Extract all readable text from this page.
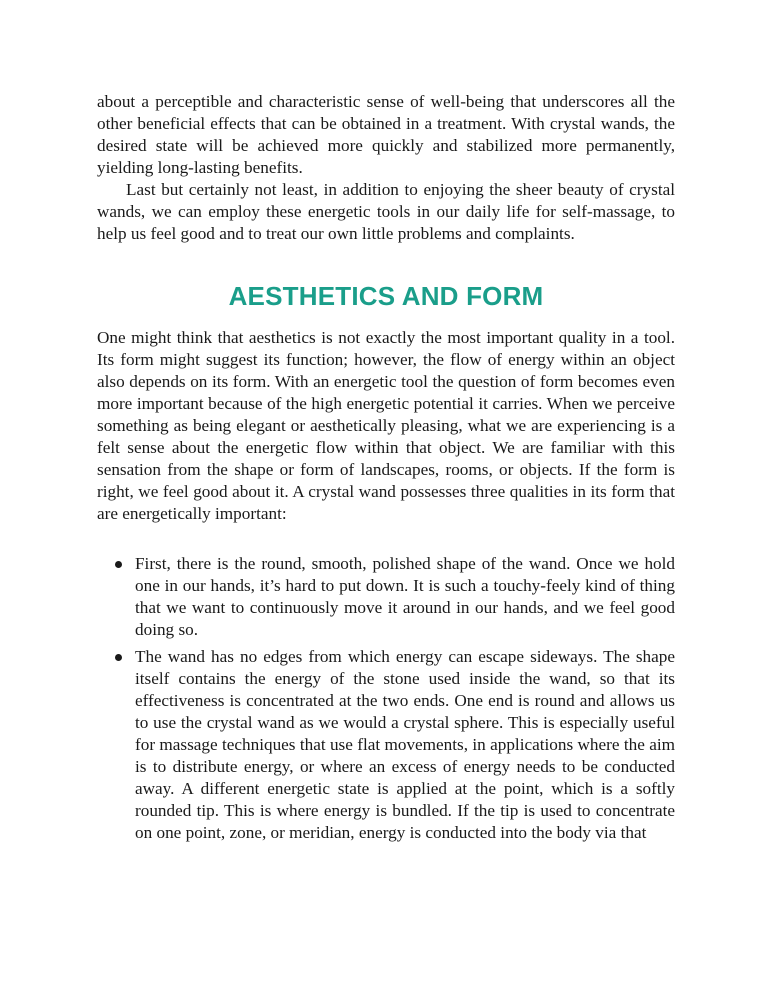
about a perceptible and characteristic sense of well-being that underscores all the other beneficial effects that can be obtained in a treatment. With crystal wands, the desired state will be achieved more quickly and stabilized more permanently, yielding long-lasting benefits.

Last but certainly not least, in addition to enjoying the sheer beauty of crystal wands, we can employ these energetic tools in our daily life for self-massage, to help us feel good and to treat our own little problems and complaints.

AESTHETICS AND FORM

One might think that aesthetics is not exactly the most important quality in a tool. Its form might suggest its function; however, the flow of energy within an object also depends on its form. With an energetic tool the question of form becomes even more important because of the high energetic potential it carries. When we perceive something as being elegant or aesthetically pleasing, what we are experiencing is a felt sense about the energetic flow within that object. We are familiar with this sensation from the shape or form of landscapes, rooms, or objects. If the form is right, we feel good about it. A crystal wand possesses three qualities in its form that are energetically important:

First, there is the round, smooth, polished shape of the wand. Once we hold one in our hands, it’s hard to put down. It is such a touchy-feely kind of thing that we want to continuously move it around in our hands, and we feel good doing so.
The wand has no edges from which energy can escape sideways. The shape itself contains the energy of the stone used inside the wand, so that its effectiveness is concentrated at the two ends. One end is round and allows us to use the crystal wand as we would a crystal sphere. This is especially useful for massage techniques that use flat movements, in applications where the aim is to distribute energy, or where an excess of energy needs to be conducted away. A different energetic state is applied at the point, which is a softly rounded tip. This is where energy is bundled. If the tip is used to concentrate on one point, zone, or meridian, energy is conducted into the body via that
